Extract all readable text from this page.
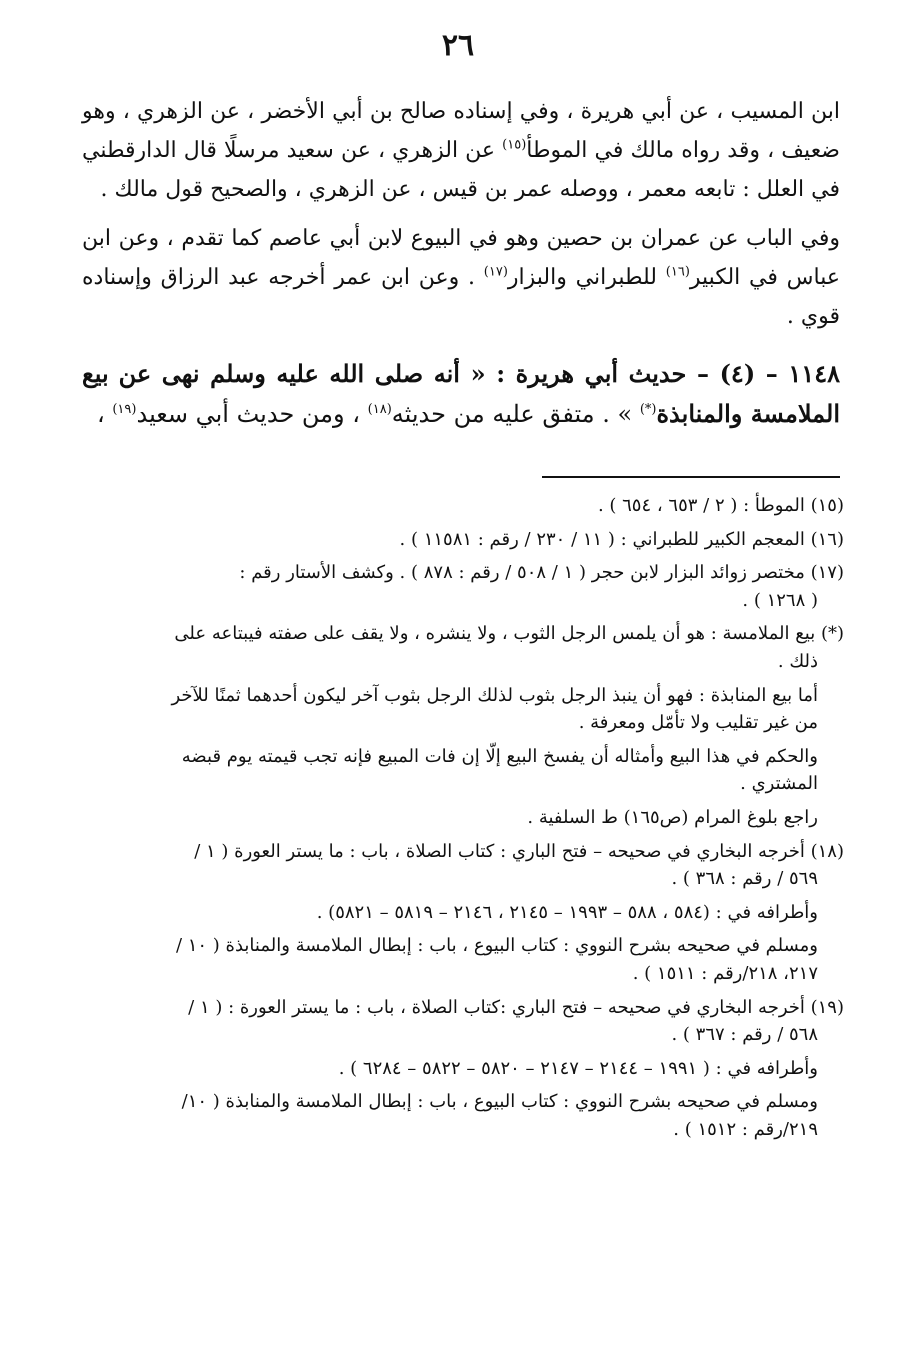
٢٦

ابن المسيب ، عن أبي هريرة ، وفي إسناده صالح بن أبي الأخضر ، عن الزهري ، وهو ضعيف ، وقد رواه مالك في الموطأ$^{(١٥)}$ عن الزهري ، عن سعيد مرسلًا قال الدارقطني في العلل : تابعه معمر ، ووصله عمر بن قيس ، عن الزهري ، والصحيح قول مالك .

وفي الباب عن عمران بن حصين وهو في البيوع لابن أبي عاصم كما تقدم ، وعن ابن عباس في الكبير$^{(١٦)}$ للطبراني والبزار$^{(١٧)}$ . وعن ابن عمر أخرجه عبد الرزاق وإسناده قوي .

١١٤٨ – (٤) – حديث أبي هريرة : « أنه صلى الله عليه وسلم نهى عن بيع الملامسة والمنابذة(*) » . متفق عليه من حديثه$^{(١٨)}$ ، ومن حديث أبي سعيد$^{(١٩)}$ ،

(١٥) الموطأ : ( ٢ / ٦٥٣ ، ٦٥٤ ) .

(١٦) المعجم الكبير للطبراني : ( ١١ / ٢٣٠ / رقم : ١١٥٨١ ) .

(١٧) مختصر زوائد البزار لابن حجر ( ١ / ٥٠٨ / رقم : ٨٧٨ ) . وكشف الأستار رقم :
( ١٢٦٨ ) .

(*) بيع الملامسة : هو أن يلمس الرجل الثوب ، ولا ينشره ، ولا يقف على صفته فيبتاعه على
ذلك .

أما بيع المنابذة : فهو أن ينبذ الرجل بثوب لذلك الرجل بثوب آخر ليكون أحدهما ثمنًا للآخر
من غير تقليب ولا تأمّل ومعرفة .

والحكم في هذا البيع وأمثاله أن يفسخ البيع إلّا إن فات المبيع فإنه تجب قيمته يوم قبضه
المشتري .

راجع بلوغ المرام (ص١٦٥) ط السلفية .

(١٨) أخرجه البخاري في صحيحه – فتح الباري : كتاب الصلاة ، باب : ما يستر العورة ( ١ /
٥٦٩ / رقم : ٣٦٨ ) .

وأطرافه في : (٥٨٤ ، ٥٨٨ – ١٩٩٣ – ٢١٤٥ ، ٢١٤٦ – ٥٨١٩ – ٥٨٢١) .

ومسلم في صحيحه بشرح النووي : كتاب البيوع ، باب : إبطال الملامسة والمنابذة ( ١٠ /
٢١٧، ٢١٨/رقم : ١٥١١ ) .

(١٩) أخرجه البخاري في صحيحه – فتح الباري :كتاب الصلاة ، باب : ما يستر العورة : ( ١ /
٥٦٨ / رقم : ٣٦٧ ) .

وأطرافه في : ( ١٩٩١ – ٢١٤٤ – ٢١٤٧ – ٥٨٢٠ – ٥٨٢٢ – ٦٢٨٤ ) .

ومسلم في صحيحه بشرح النووي : كتاب البيوع ، باب : إبطال الملامسة والمنابذة ( ١٠/
٢١٩/رقم : ١٥١٢ ) .
